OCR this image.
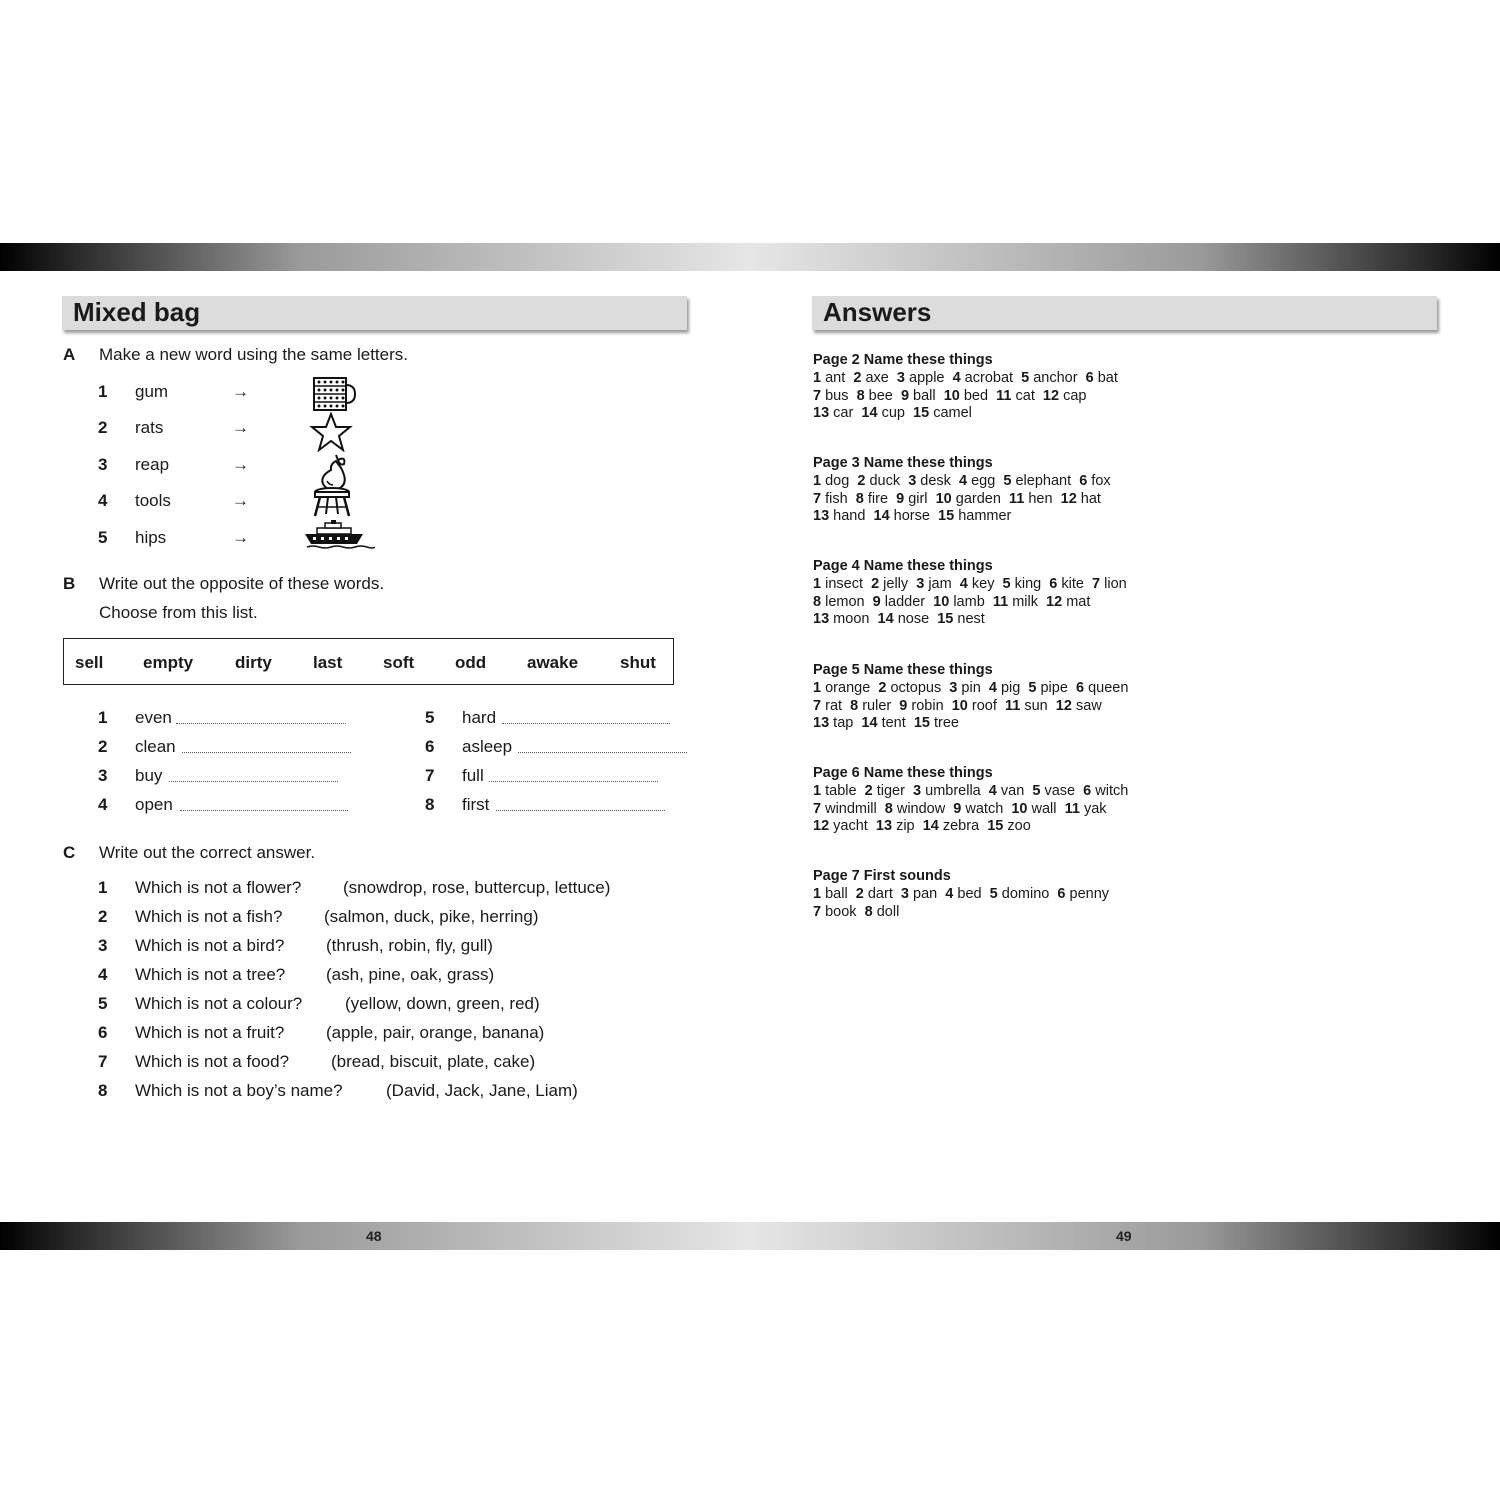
48	49
Mixed bag
A Make a new word using the same letters.
1 gum	→
2 rats	→
3 reap	→
4 tools	→
5 hips	→
B Write out the opposite of these words.
Choose from this list.
sell empty dirty last soft odd awake shut
1 even
2 clean
3 buy
4 open
5 hard
6 asleep
7 full
8 first
C Write out the correct answer.
1 Which is not a flower? (snowdrop, rose, buttercup, lettuce)
2 Which is not a fish? (salmon, duck, pike, herring)
3 Which is not a bird? (thrush, robin, fly, gull)
4 Which is not a tree? (ash, pine, oak, grass)
5 Which is not a colour?	(yellow, down, green, red)
6 Which is not a fruit? (apple, pair, orange, banana)
7 Which is not a food? (bread, biscuit, plate, cake)
8 Which is not a boy’s name?	(David, Jack, Jane, Liam)
Answers
Page 2 Name these things
1 ant 2 axe 3 apple 4 acrobat 5 anchor 6 bat
7 bus 8 bee 9 ball 10 bed 11 cat 12 cap
13 car 14 cup 15 camel
Page 3 Name these things
1 dog 2 duck 3 desk 4 egg 5 elephant 6 fox
7 fish 8 fire 9 girl 10 garden 11 hen 12 hat
13 hand 14 horse 15 hammer
Page 4 Name these things
1 insect 2 jelly 3 jam 4 key 5 king 6 kite 7 lion
8 lemon 9 ladder 10 lamb 11 milk 12 mat
13 moon 14 nose 15 nest
Page 5 Name these things
1 orange 2 octopus 3 pin 4 pig 5 pipe 6 queen
7 rat 8 ruler 9 robin 10 roof 11 sun 12 saw
13 tap 14 tent 15 tree
Page 6 Name these things
1 table 2 tiger 3 umbrella 4 van 5 vase 6 witch
7 windmill 8 window 9 watch 10 wall 11 yak
12 yacht 13 zip 14 zebra 15 zoo
Page 7 First sounds
1 ball 2 dart 3 pan 4 bed 5 domino 6 penny
7 book 8 doll
